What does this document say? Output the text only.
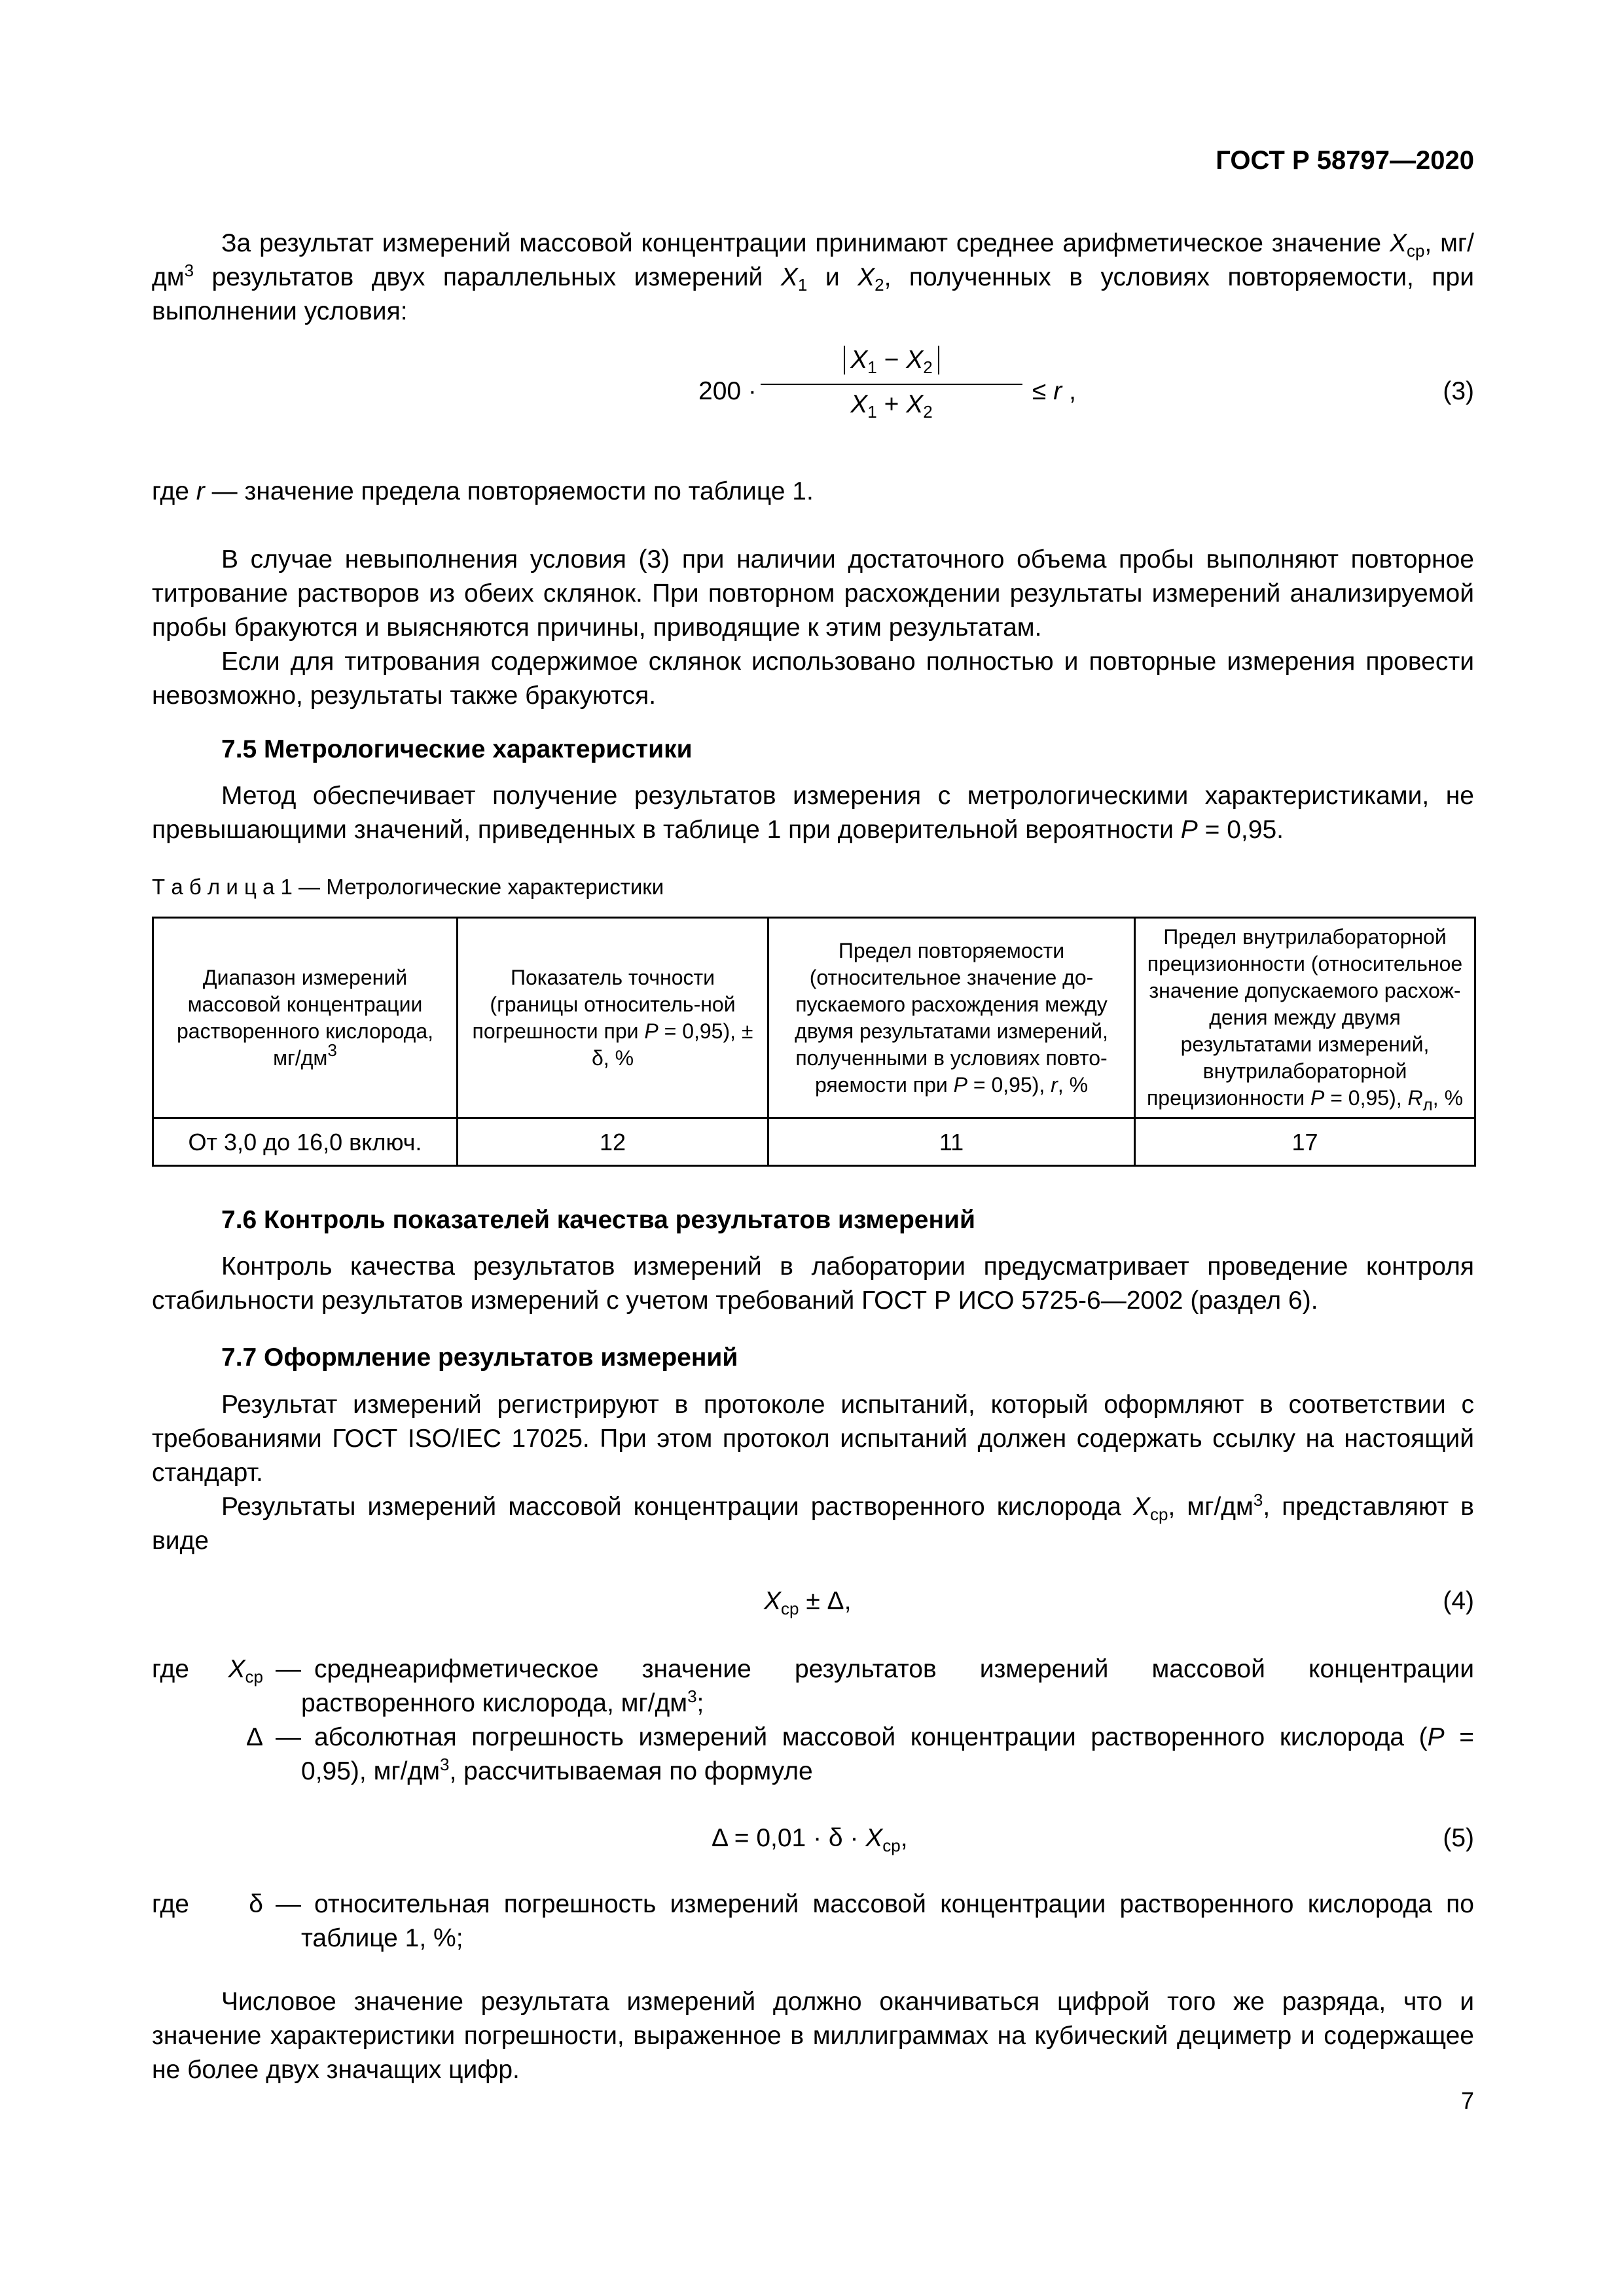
ГОСТ Р 58797—2020

За результат измерений массовой концентрации принимают среднее арифметическое значение $X_{ср}$, $мг/дм^3$ результатов двух параллельных измерений $X_1$ и $X_2$, полученных в условиях повторяемости, при выполнении условия:

200 ·
$X_1 - X_2$
$X_1 + X_2$
≤ r ,	(3)
где r — значение предела повторяемости по таблице 1.

В случае невыполнения условия (3) при наличии достаточного объема пробы выполняют повторное титрование растворов из обеих склянок. При повторном расхождении результаты измерений анализируемой пробы бракуются и выясняются причины, приводящие к этим результатам.

Если для титрования содержимое склянок использовано полностью и повторные измерения провести невозможно, результаты также бракуются.

7.5 Метрологические характеристики

Метод обеспечивает получение результатов измерения с метрологическими характеристиками, не превышающими значений, приведенных в таблице 1 при доверительной вероятности P = 0,95.

Т а б л и ц а 1 — Метрологические характеристики
Диапазон измерений массовой концентрации растворенного кислорода, $мг/дм^3$	Показатель точности (границы относитель-ной погрешности при P = 0,95), ± δ, %	Предел повторяемости (относительное значение до-пускаемого расхождения между двумя результатами измерений, полученными в условиях повто-ряемости при P = 0,95), r, %	Предел внутрилабораторной прецизионности (относительное значение допускаемого расхож-дения между двумя результатами измерений, внутрилабораторной прецизионности P = 0,95), $R_л$, %
От 3,0 до 16,0 включ.	12	11	17
7.6 Контроль показателей качества результатов измерений

Контроль качества результатов измерений в лаборатории предусматривает проведение контроля стабильности результатов измерений с учетом требований ГОСТ Р ИСО 5725-6—2002 (раздел 6).

7.7 Оформление результатов измерений

Результат измерений регистрируют в протоколе испытаний, который оформляют в соответствии с требованиями ГОСТ ISO/IEC 17025. При этом протокол испытаний должен содержать ссылку на настоящий стандарт.

Результаты измерений массовой концентрации растворенного кислорода $X_{ср}$, $мг/дм^3$, представляют в виде

$X_{ср} \pm \Delta$,	(4)
где $X_{ср}$ — среднеарифметическое значение результатов измерений массовой концентрации растворенного кислорода, $мг/дм^3$;
Δ — абсолютная погрешность измерений массовой концентрации растворенного кислорода (P = 0,95), $мг/дм^3$, рассчитываемая по формуле
$\Delta = 0,01 \cdot \delta \cdot X_{ср}$,	(5)
где δ — относительная погрешность измерений массовой концентрации растворенного кислорода по таблице 1, %;

Числовое значение результата измерений должно оканчиваться цифрой того же разряда, что и значение характеристики погрешности, выраженное в миллиграммах на кубический дециметр и содержащее не более двух значащих цифр.

7
